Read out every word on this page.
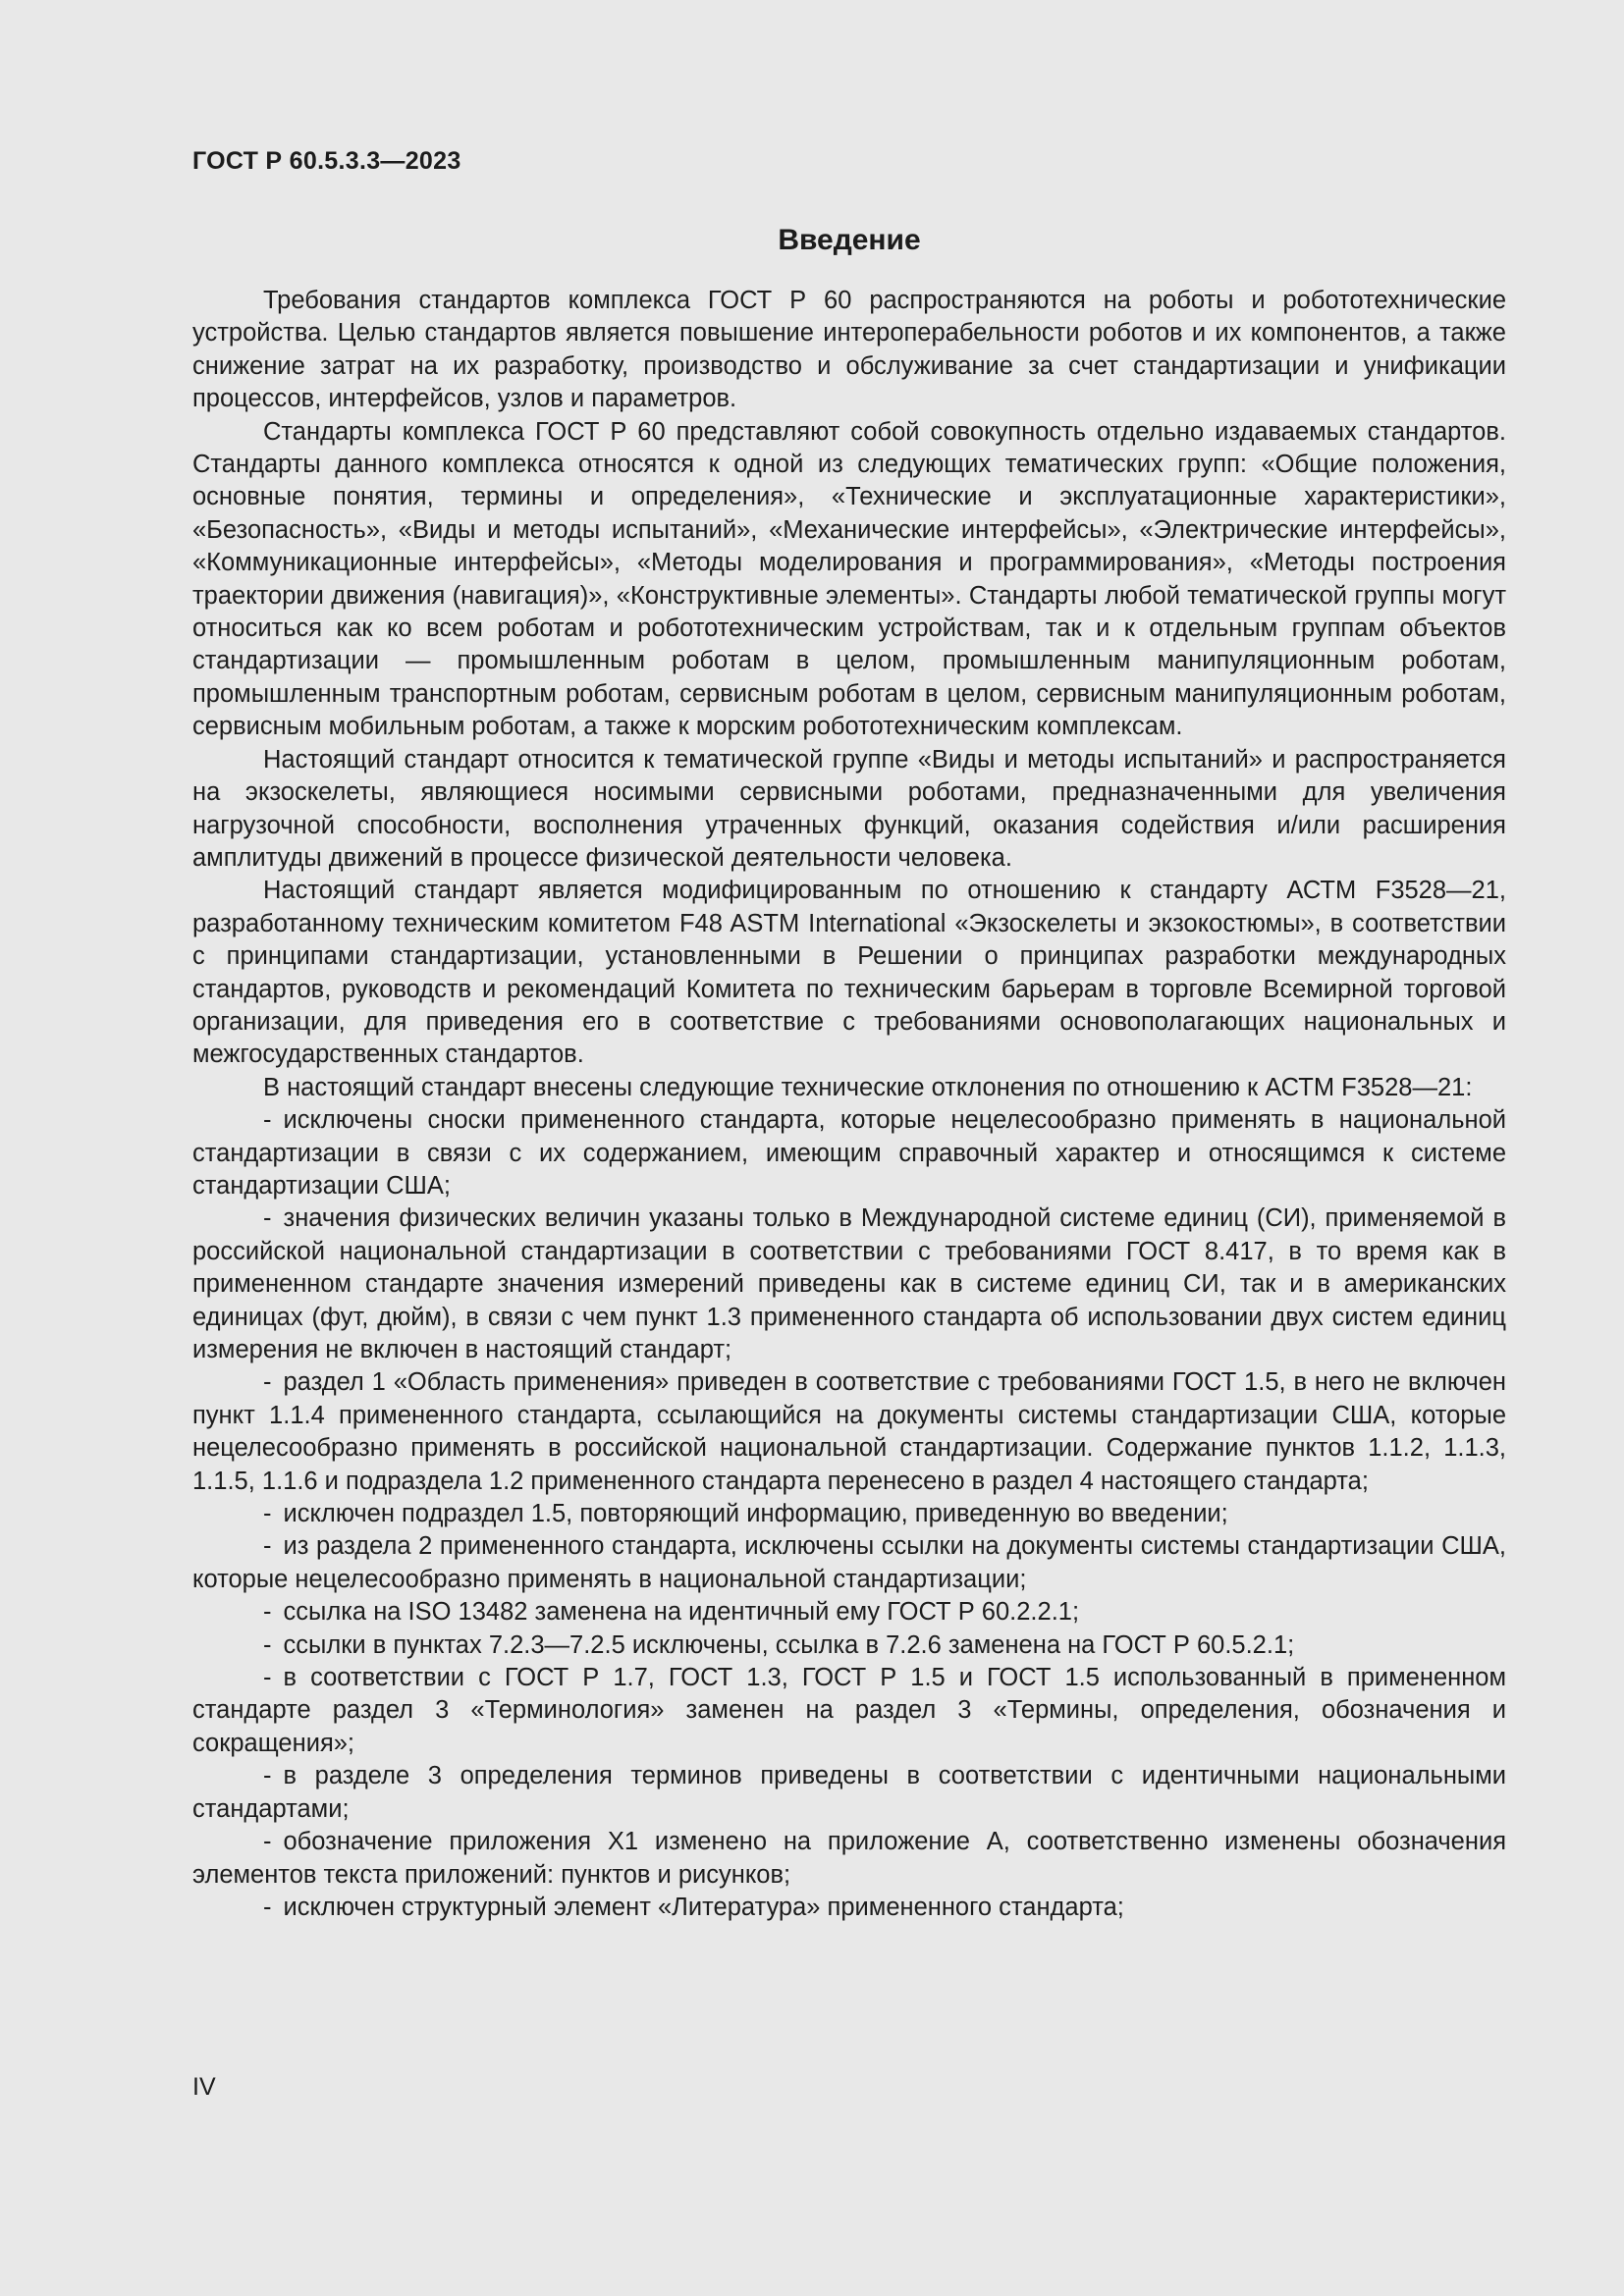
ГОСТ Р 60.5.3.3—2023
Введение

Требования стандартов комплекса ГОСТ Р 60 распространяются на роботы и робототехнические устройства. Целью стандартов является повышение интероперабельности роботов и их компонентов, а также снижение затрат на их разработку, производство и обслуживание за счет стандартизации и унификации процессов, интерфейсов, узлов и параметров.

Стандарты комплекса ГОСТ Р 60 представляют собой совокупность отдельно издаваемых стандартов. Стандарты данного комплекса относятся к одной из следующих тематических групп: «Общие положения, основные понятия, термины и определения», «Технические и эксплуатационные характеристики», «Безопасность», «Виды и методы испытаний», «Механические интерфейсы», «Электрические интерфейсы», «Коммуникационные интерфейсы», «Методы моделирования и программирования», «Методы построения траектории движения (навигация)», «Конструктивные элементы». Стандарты любой тематической группы могут относиться как ко всем роботам и робототехническим устройствам, так и к отдельным группам объектов стандартизации — промышленным роботам в целом, промышленным манипуляционным роботам, промышленным транспортным роботам, сервисным роботам в целом, сервисным манипуляционным роботам, сервисным мобильным роботам, а также к морским робототехническим комплексам.

Настоящий стандарт относится к тематической группе «Виды и методы испытаний» и распространяется на экзоскелеты, являющиеся носимыми сервисными роботами, предназначенными для увеличения нагрузочной способности, восполнения утраченных функций, оказания содействия и/или расширения амплитуды движений в процессе физической деятельности человека.

Настоящий стандарт является модифицированным по отношению к стандарту АСТМ F3528—21, разработанному техническим комитетом F48 ASTM International «Экзоскелеты и экзокостюмы», в соответствии с принципами стандартизации, установленными в Решении о принципах разработки международных стандартов, руководств и рекомендаций Комитета по техническим барьерам в торговле Всемирной торговой организации, для приведения его в соответствие с требованиями основополагающих национальных и межгосударственных стандартов.

В настоящий стандарт внесены следующие технические отклонения по отношению к АСТМ F3528—21:

- исключены сноски примененного стандарта, которые нецелесообразно применять в национальной стандартизации в связи с их содержанием, имеющим справочный характер и относящимся к системе стандартизации США;

- значения физических величин указаны только в Международной системе единиц (СИ), применяемой в российской национальной стандартизации в соответствии с требованиями ГОСТ 8.417, в то время как в примененном стандарте значения измерений приведены как в системе единиц СИ, так и в американских единицах (фут, дюйм), в связи с чем пункт 1.3 примененного стандарта об использовании двух систем единиц измерения не включен в настоящий стандарт;

- раздел 1 «Область применения» приведен в соответствие с требованиями ГОСТ 1.5, в него не включен пункт 1.1.4 примененного стандарта, ссылающийся на документы системы стандартизации США, которые нецелесообразно применять в российской национальной стандартизации. Содержание пунктов 1.1.2, 1.1.3, 1.1.5, 1.1.6 и подраздела 1.2 примененного стандарта перенесено в раздел 4 настоящего стандарта;

- исключен подраздел 1.5, повторяющий информацию, приведенную во введении;

- из раздела 2 примененного стандарта, исключены ссылки на документы системы стандартизации США, которые нецелесообразно применять в национальной стандартизации;

- ссылка на ISO 13482 заменена на идентичный ему ГОСТ Р 60.2.2.1;

- ссылки в пунктах 7.2.3—7.2.5 исключены, ссылка в 7.2.6 заменена на ГОСТ Р 60.5.2.1;

- в соответствии с ГОСТ Р 1.7, ГОСТ 1.3, ГОСТ Р 1.5 и ГОСТ 1.5 использованный в примененном стандарте раздел 3 «Терминология» заменен на раздел 3 «Термины, определения, обозначения и сокращения»;

- в разделе 3 определения терминов приведены в соответствии с идентичными национальными стандартами;

- обозначение приложения Х1 изменено на приложение А, соответственно изменены обозначения элементов текста приложений: пунктов и рисунков;

- исключен структурный элемент «Литература» примененного стандарта;

IV
